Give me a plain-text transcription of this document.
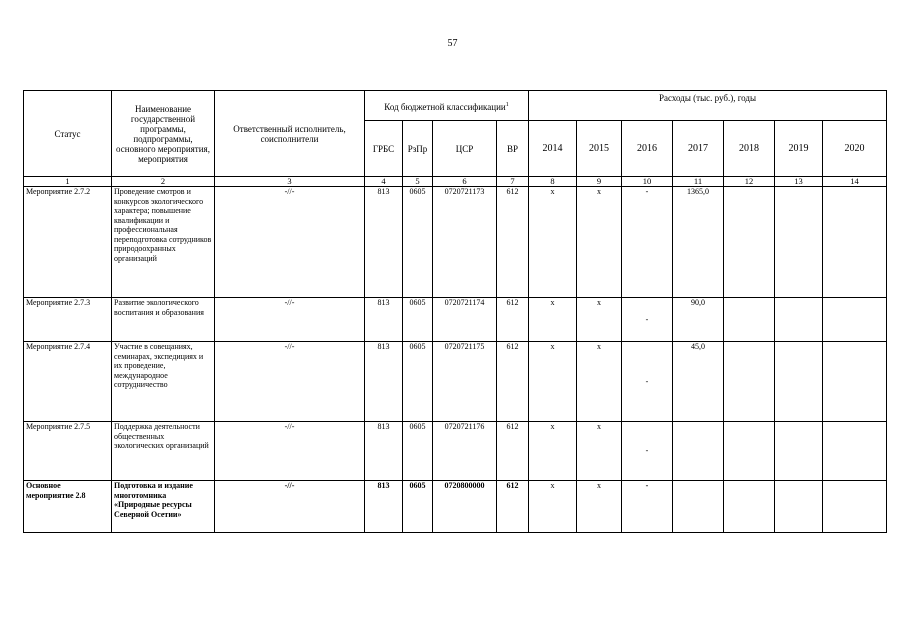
57
Статус	Наименование государственной программы, подпрограммы, основного мероприятия, мероприятия	Ответственный исполнитель, соисполнители	Код бюджетной классификации$^1$				Расходы (тыс. руб.), годы						
			ГРБС	РзПр	ЦСР	ВР	2014	2015	2016	2017	2018	2019	2020
1	2	3	4	5	6	7	8	9	10	11	12	13	14
Мероприятие 2.7.2	Проведение смотров и конкурсов экологического характера; повышение квалификации и профессиональная переподготовка сотрудников природоохранных организаций	-//-	813	0605	0720721173	612	х	х	-	1365,0			
Мероприятие 2.7.3	Развитие экологического воспитания и образования	-//-	813	0605	0720721174	612	х	х	-	90,0			
Мероприятие 2.7.4	Участие в совещаниях, семинарах, экспедициях и их проведение, международное сотрудничество	-//-	813	0605	0720721175	612	х	х	-	45,0			
Мероприятие 2.7.5	Поддержка деятельности общественных экологических организаций	-//-	813	0605	0720721176	612	х	х	-				
Основное мероприятие 2.8	Подготовка и издание многотомника «Природные ресурсы Северной Осетии»	-//-	813	0605	0720800000	612	х	х	-				
